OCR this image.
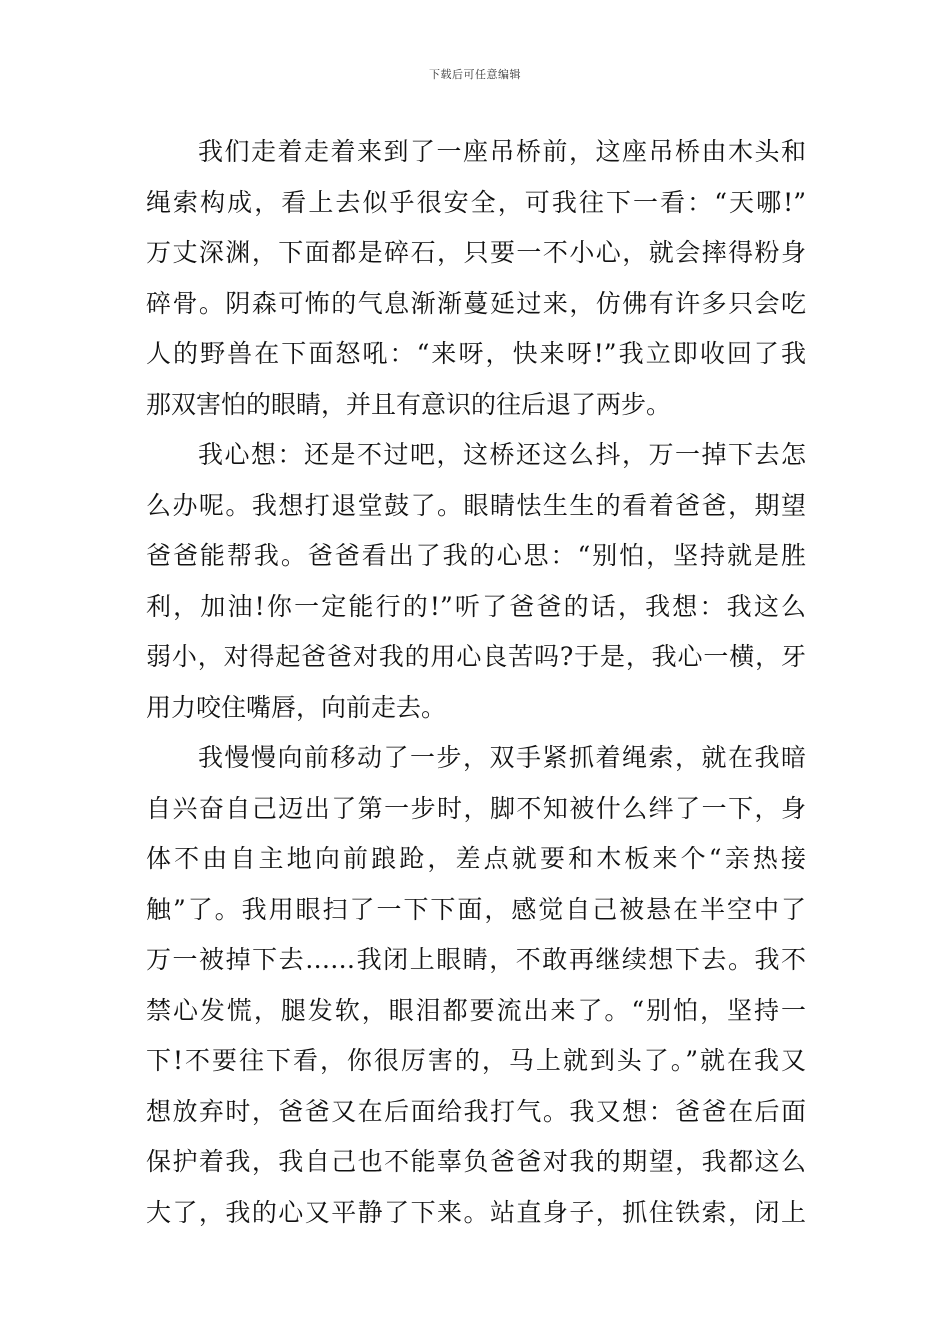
下载后可任意编辑
我们走着走着来到了一座吊桥前，这座吊桥由木头和
绳索构成，看上去似乎很安全，可我往下一看：“天哪!”
万丈深渊，下面都是碎石，只要一不小心，就会摔得粉身
碎骨。阴森可怖的气息渐渐蔓延过来，仿佛有许多只会吃
人的野兽在下面怒吼：“来呀，快来呀!”我立即收回了我
那双害怕的眼睛，并且有意识的往后退了两步。
我心想：还是不过吧，这桥还这么抖，万一掉下去怎
么办呢。我想打退堂鼓了。眼睛怯生生的看着爸爸，期望
爸爸能帮我。爸爸看出了我的心思：“别怕，坚持就是胜
利，加油!你一定能行的!”听了爸爸的话，我想：我这么
弱小，对得起爸爸对我的用心良苦吗?于是，我心一横，牙
用力咬住嘴唇，向前走去。
我慢慢向前移动了一步，双手紧抓着绳索，就在我暗
自兴奋自己迈出了第一步时，脚不知被什么绊了一下，身
体不由自主地向前踉跄，差点就要和木板来个“亲热接
触”了。我用眼扫了一下下面，感觉自己被悬在半空中了
万一被掉下去……我闭上眼睛，不敢再继续想下去。我不
禁心发慌，腿发软，眼泪都要流出来了。“别怕，坚持一
下!不要往下看，你很厉害的，马上就到头了。”就在我又
想放弃时，爸爸又在后面给我打气。我又想：爸爸在后面
保护着我，我自己也不能辜负爸爸对我的期望，我都这么
大了，我的心又平静了下来。站直身子，抓住铁索，闭上
